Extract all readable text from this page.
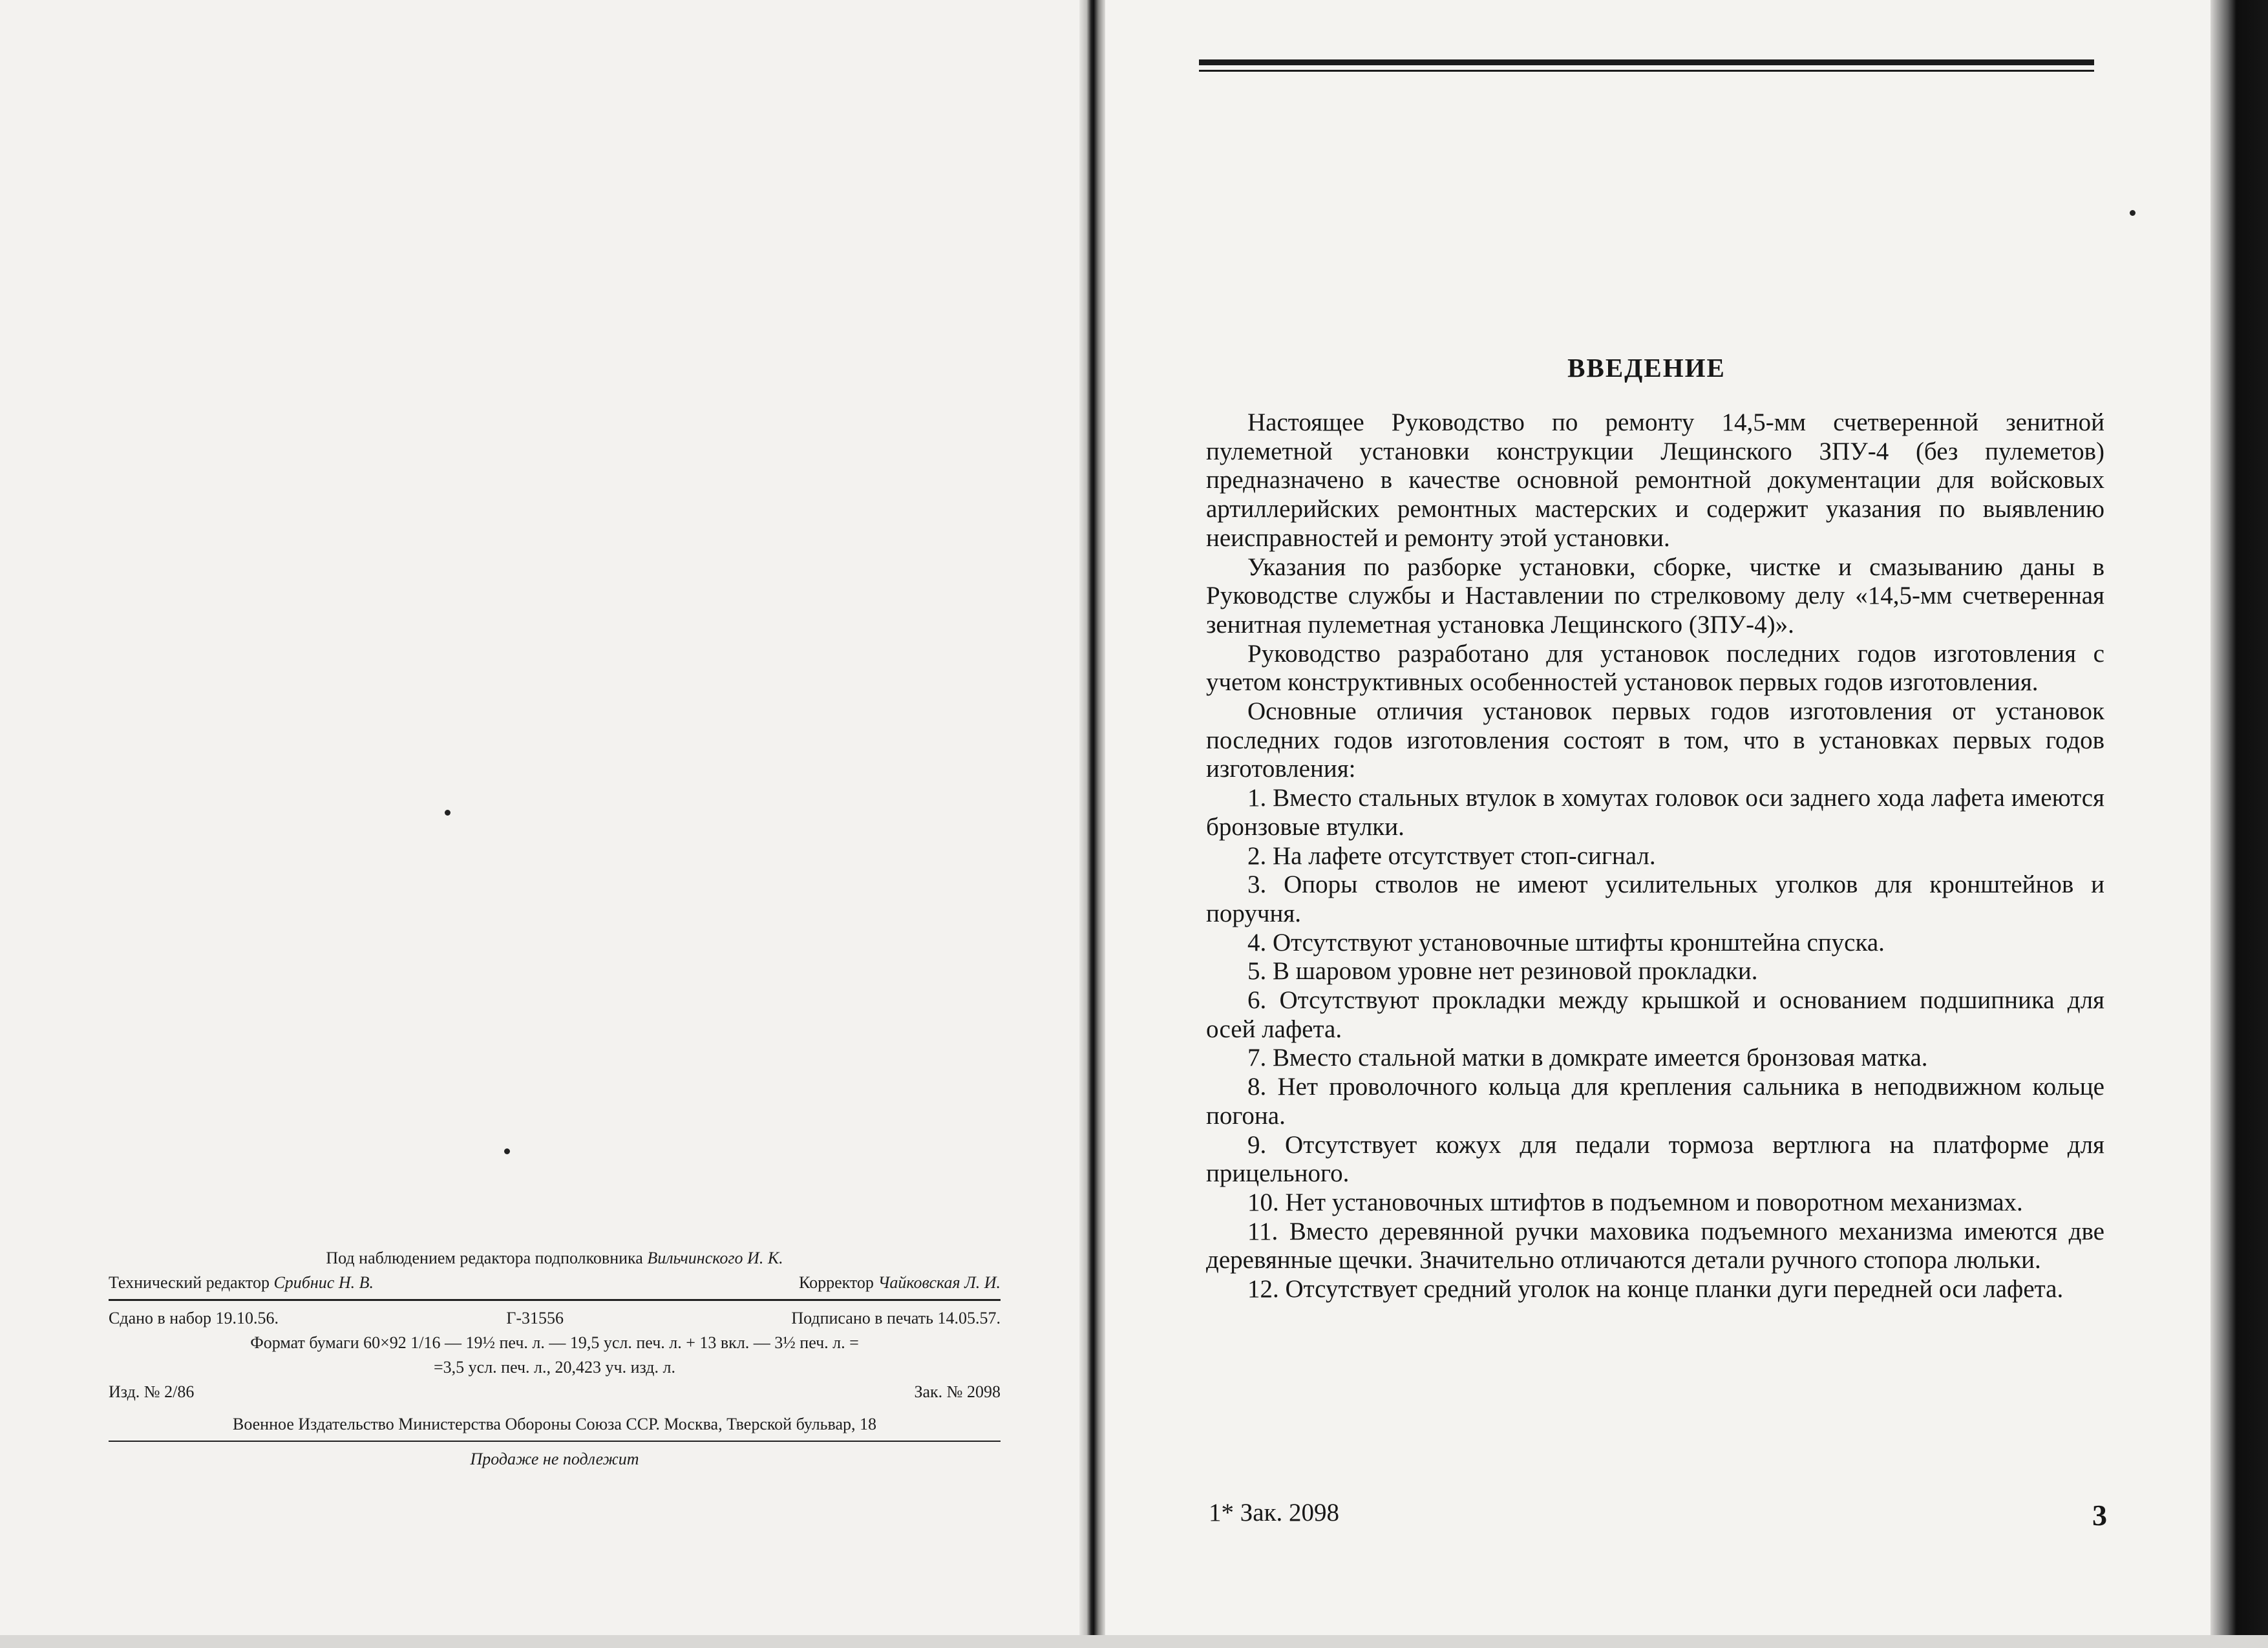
Под наблюдением редактора подполковника Вильчинского И. К.
Технический редактор Срибнис Н. В.	Корректор Чайковская Л. И.
Сдано в набор 19.10.56.	Г-31556	Подписано в печать 14.05.57.
Формат бумаги 60×92 1/16 — 19½ печ. л. — 19,5 усл. печ. л. + 13 вкл. — 3½ печ. л. =
=3,5 усл. печ. л., 20,423 уч. изд. л.
Изд. № 2/86	Зак. № 2098
Военное Издательство Министерства Обороны Союза ССР. Москва, Тверской бульвар, 18
Продаже не подлежит
ВВЕДЕНИЕ

Настоящее Руководство по ремонту 14,5-мм счетверенной зенитной пулеметной установки конструкции Лещинского ЗПУ-4 (без пулеметов) предназначено в качестве основной ремонтной документации для войсковых артиллерийских ремонтных мастерских и содержит указания по выявлению неисправностей и ремонту этой установки.

Указания по разборке установки, сборке, чистке и смазыванию даны в Руководстве службы и Наставлении по стрелковому делу «14,5-мм счетверенная зенитная пулеметная установка Лещинского (ЗПУ-4)».

Руководство разработано для установок последних годов изготовления с учетом конструктивных особенностей установок первых годов изготовления.

Основные отличия установок первых годов изготовления от установок последних годов изготовления состоят в том, что в установках первых годов изготовления:

1. Вместо стальных втулок в хомутах головок оси заднего хода лафета имеются бронзовые втулки.

2. На лафете отсутствует стоп-сигнал.

3. Опоры стволов не имеют усилительных уголков для кронштейнов и поручня.

4. Отсутствуют установочные штифты кронштейна спуска.

5. В шаровом уровне нет резиновой прокладки.

6. Отсутствуют прокладки между крышкой и основанием подшипника для осей лафета.

7. Вместо стальной матки в домкрате имеется бронзовая матка.

8. Нет проволочного кольца для крепления сальника в неподвижном кольце погона.

9. Отсутствует кожух для педали тормоза вертлюга на платформе для прицельного.

10. Нет установочных штифтов в подъемном и поворотном механизмах.

11. Вместо деревянной ручки маховика подъемного механизма имеются две деревянные щечки. Значительно отличаются детали ручного стопора люльки.

12. Отсутствует средний уголок на конце планки дуги передней оси лафета.

1* Зак. 2098	3
